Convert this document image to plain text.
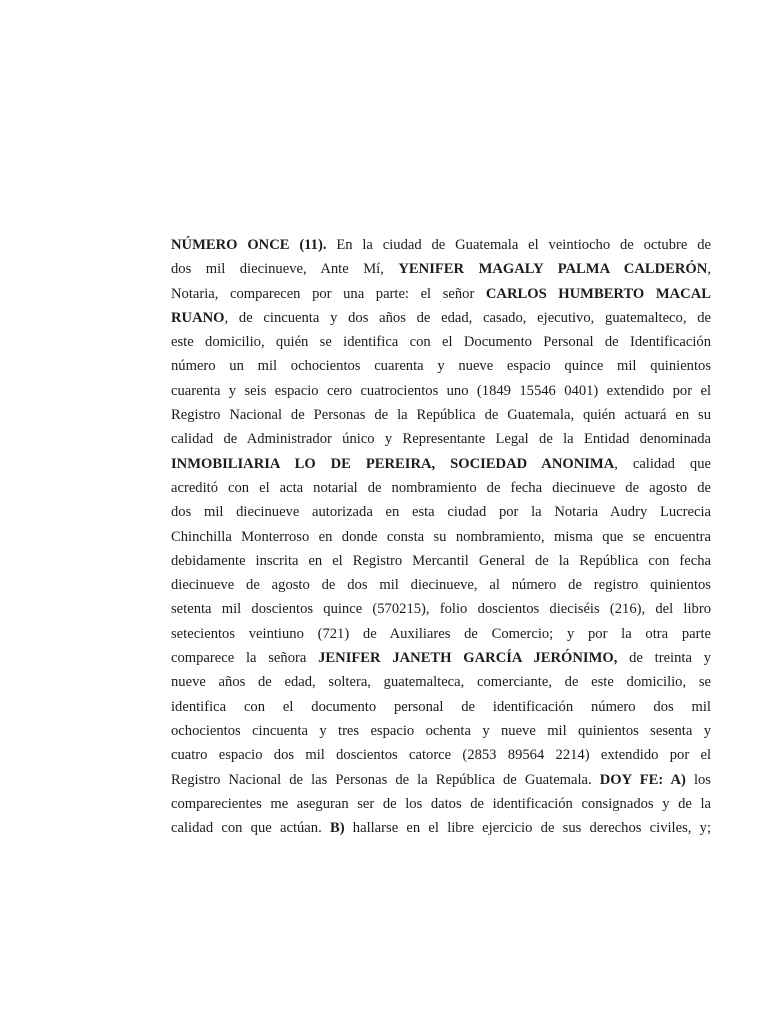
NÚMERO ONCE (11). En la ciudad de Guatemala el veintiocho de octubre de
dos mil diecinueve, Ante Mí, YENIFER MAGALY PALMA CALDERÓN,
Notaria, comparecen por una parte: el señor CARLOS HUMBERTO MACAL
RUANO, de cincuenta y dos años de edad, casado, ejecutivo, guatemalteco, de
este domicilio, quién se identifica con el Documento Personal de Identificación
número un mil ochocientos cuarenta y nueve espacio quince mil quinientos
cuarenta y seis espacio cero cuatrocientos uno (1849 15546 0401) extendido por el
Registro Nacional de Personas de la República de Guatemala, quién actuará en su
calidad de Administrador único y Representante Legal de la Entidad denominada
INMOBILIARIA LO DE PEREIRA, SOCIEDAD ANONIMA, calidad que
acreditó con el acta notarial de nombramiento de fecha diecinueve de agosto de
dos mil diecinueve autorizada en esta ciudad por la Notaria Audry Lucrecia
Chinchilla Monterroso en donde consta su nombramiento, misma que se encuentra
debidamente inscrita en el Registro Mercantil General de la República con fecha
diecinueve de agosto de dos mil diecinueve, al número de registro quinientos
setenta mil doscientos quince (570215), folio doscientos dieciséis (216), del libro
setecientos veintiuno (721) de Auxiliares de Comercio; y por la otra parte
comparece la señora JENIFER JANETH GARCÍA JERÓNIMO, de treinta y
nueve años de edad, soltera, guatemalteca, comerciante, de este domicilio, se
identifica con el documento personal de identificación número dos mil
ochocientos cincuenta y tres espacio ochenta y nueve mil quinientos sesenta y
cuatro espacio dos mil doscientos catorce (2853 89564 2214) extendido por el
Registro Nacional de las Personas de la República de Guatemala. DOY FE: A) los
comparecientes me aseguran ser de los datos de identificación consignados y de la
calidad con que actúan. B) hallarse en el libre ejercicio de sus derechos civiles, y;
